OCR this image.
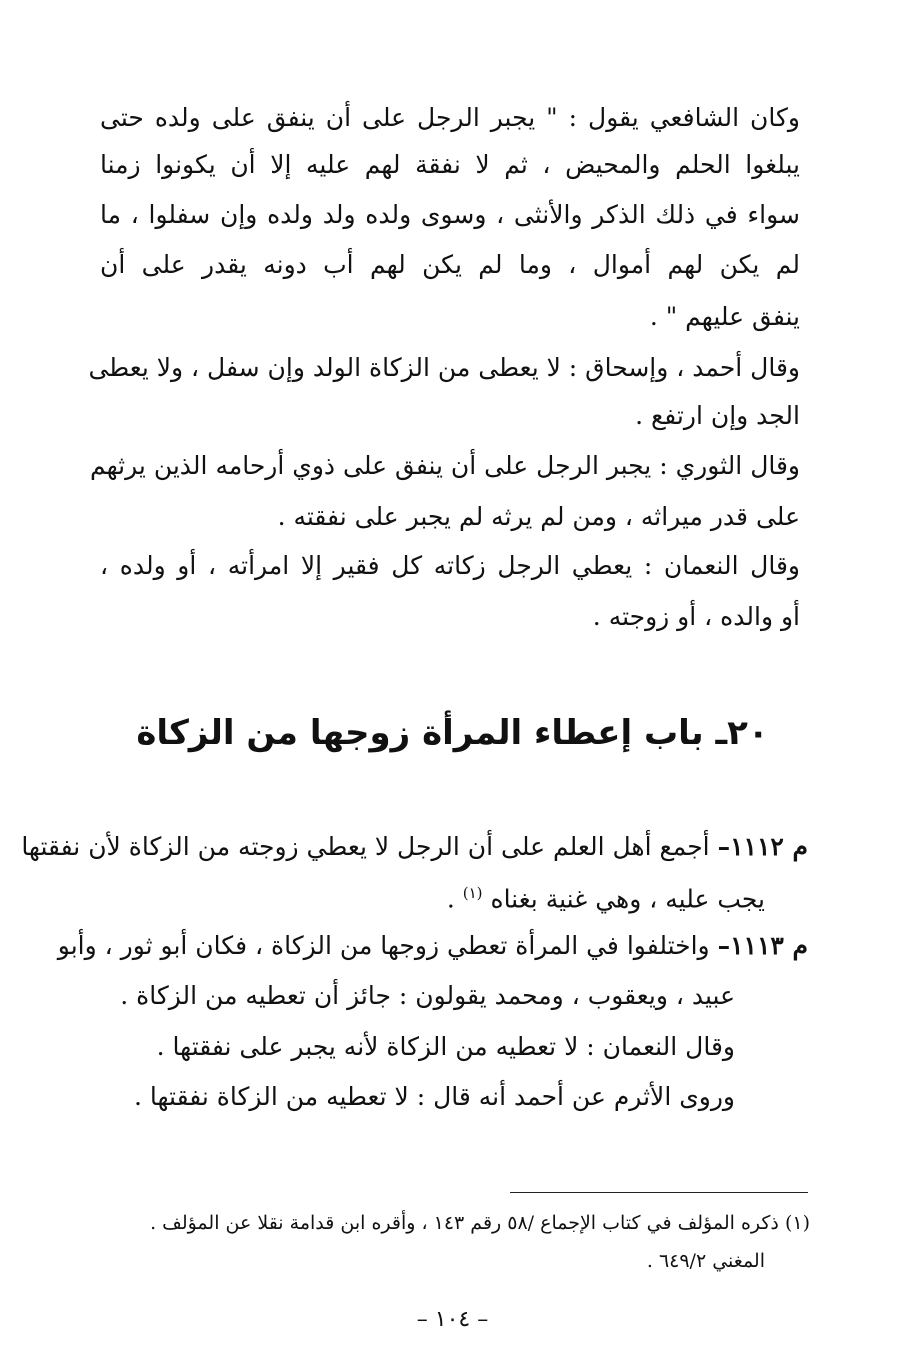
وكان الشافعي يقول : " يجبر الرجل على أن ينفق على ولده حتى
يبلغوا الحلم والمحيض ، ثم لا نفقة لهم عليه إلا أن يكونوا زمنا
سواء في ذلك الذكر والأنثى ، وسوى ولده ولد ولده وإن سفلوا ، ما
لم يكن لهم أموال ، وما لم يكن لهم أب دونه يقدر على أن
ينفق عليهم " .
وقال أحمد ، وإسحاق : لا يعطى من الزكاة الولد وإن سفل ، ولا يعطى
الجد وإن ارتفع .
وقال الثوري : يجبر الرجل على أن ينفق على ذوي أرحامه الذين يرثهم
على قدر ميراثه ، ومن لم يرثه لم يجبر على نفقته .
وقال النعمان : يعطي الرجل زكاته كل فقير إلا امرأته ، أو ولده ،
أو والده ، أو زوجته .
٢٠ـ باب إعطاء المرأة زوجها من الزكاة
م ١١١٢– أجمع أهل العلم على أن الرجل لا يعطي زوجته من الزكاة لأن نفقتها
يجب عليه ، وهي غنية بغناه $^{(١)}$ .
م ١١١٣– واختلفوا في المرأة تعطي زوجها من الزكاة ، فكان أبو ثور ، وأبو
عبيد ، ويعقوب ، ومحمد يقولون : جائز أن تعطيه من الزكاة .
وقال النعمان : لا تعطيه من الزكاة لأنه يجبر على نفقتها .
وروى الأثرم عن أحمد أنه قال : لا تعطيه من الزكاة نفقتها .
(١) ذكره المؤلف في كتاب الإجماع /٥٨ رقم ١٤٣ ، وأقره ابن قدامة نقلا عن المؤلف .
المغني ٦٤٩/٢ .
– ١٠٤ –
